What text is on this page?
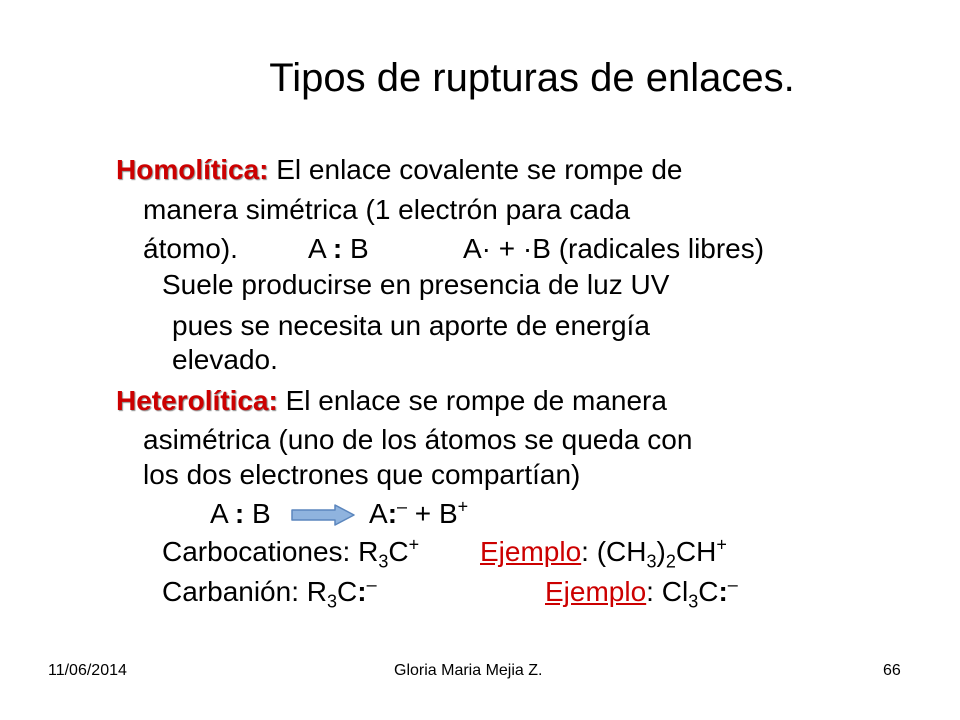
Tipos de rupturas de enlaces.
Homolítica: El enlace covalente se rompe de
manera simétrica (1 electrón para cada
átomo).	A : B	A· + ·B (radicales libres)
Suele producirse en presencia de luz UV
pues se necesita un aporte de energía
elevado.
Heterolítica: El enlace se rompe de manera
asimétrica (uno de los átomos se queda con
los dos electrones que compartían)
A : B	A:– + B+
Carbocationes: $R_3C^+$ Ejemplo: $(CH_3)_2CH^+$
Carbanión: $R_3C:^-$	Ejemplo: $Cl_3C:^-$
11/06/2014	Gloria Maria Mejia Z.	66
